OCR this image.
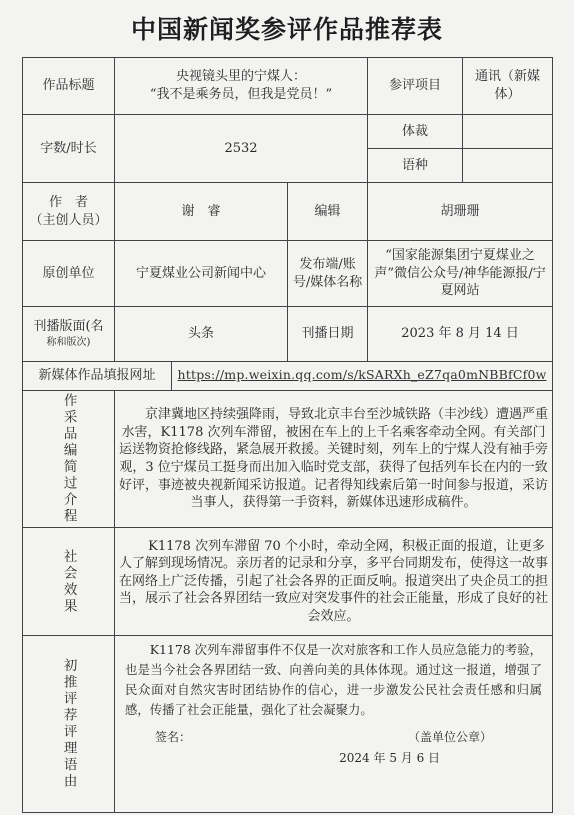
中国新闻奖参评作品推荐表
作品标题	央视镜头里的宁煤人：
“我不是乘务员，但我是党员！”			参评项目	通讯（新媒体）
字数/时长	2532			体裁	
				语种	

作　者
（主创人员）	谢　睿		编辑	胡珊珊	
原创单位	宁夏煤业公司新闻中心		发布端/账号/媒体名称	“国家能源集团宁夏煤业之声”微信公众号/神华能源报/宁夏网站	

刊播版面(名
称和版次)	头条		刊播日期	2023 年 8 月 14 日	
新媒体作品填报网址		https://mp.weixin.qq.com/s/kSARXh_eZ7qa0mNBBfCf0w			

作采品编简过介程	京津冀地区持续强降雨，导致北京丰台至沙城铁路（丰沙线）遭遇严重水害，K1178 次列车滞留，被困在车上的上千名乘客牵动全网。有关部门运送物资抢修线路，紧急展开救援。关键时刻，列车上的宁煤人没有袖手旁观，3 位宁煤员工挺身而出加入临时党支部，获得了包括列车长在内的一致好评，事迹被央视新闻采访报道。记者得知线索后第一时间参与报道，采访当事人，获得第一手资料，新媒体迅速形成稿件。				

社会效果	K1178 次列车滞留 70 个小时，牵动全网，积极正面的报道，让更多人了解到现场情况。亲历者的记录和分享，多平台同期发布，使得这一故事在网络上广泛传播，引起了社会各界的正面反响。报道突出了央企员工的担当，展示了社会各界团结一致应对突发事件的社会正能量，形成了良好的社会效应。				

初推评荐评理语由	K1178 次列车滞留事件不仅是一次对旅客和工作人员应急能力的考验，也是当今社会各界团结一致、向善向美的具体体现。通过这一报道，增强了民众面对自然灾害时团结协作的信心，进一步激发公民社会责任感和归属感，传播了社会正能量，强化了社会凝聚力。
签名： （盖单位公章）
2024 年 5 月 6 日				
